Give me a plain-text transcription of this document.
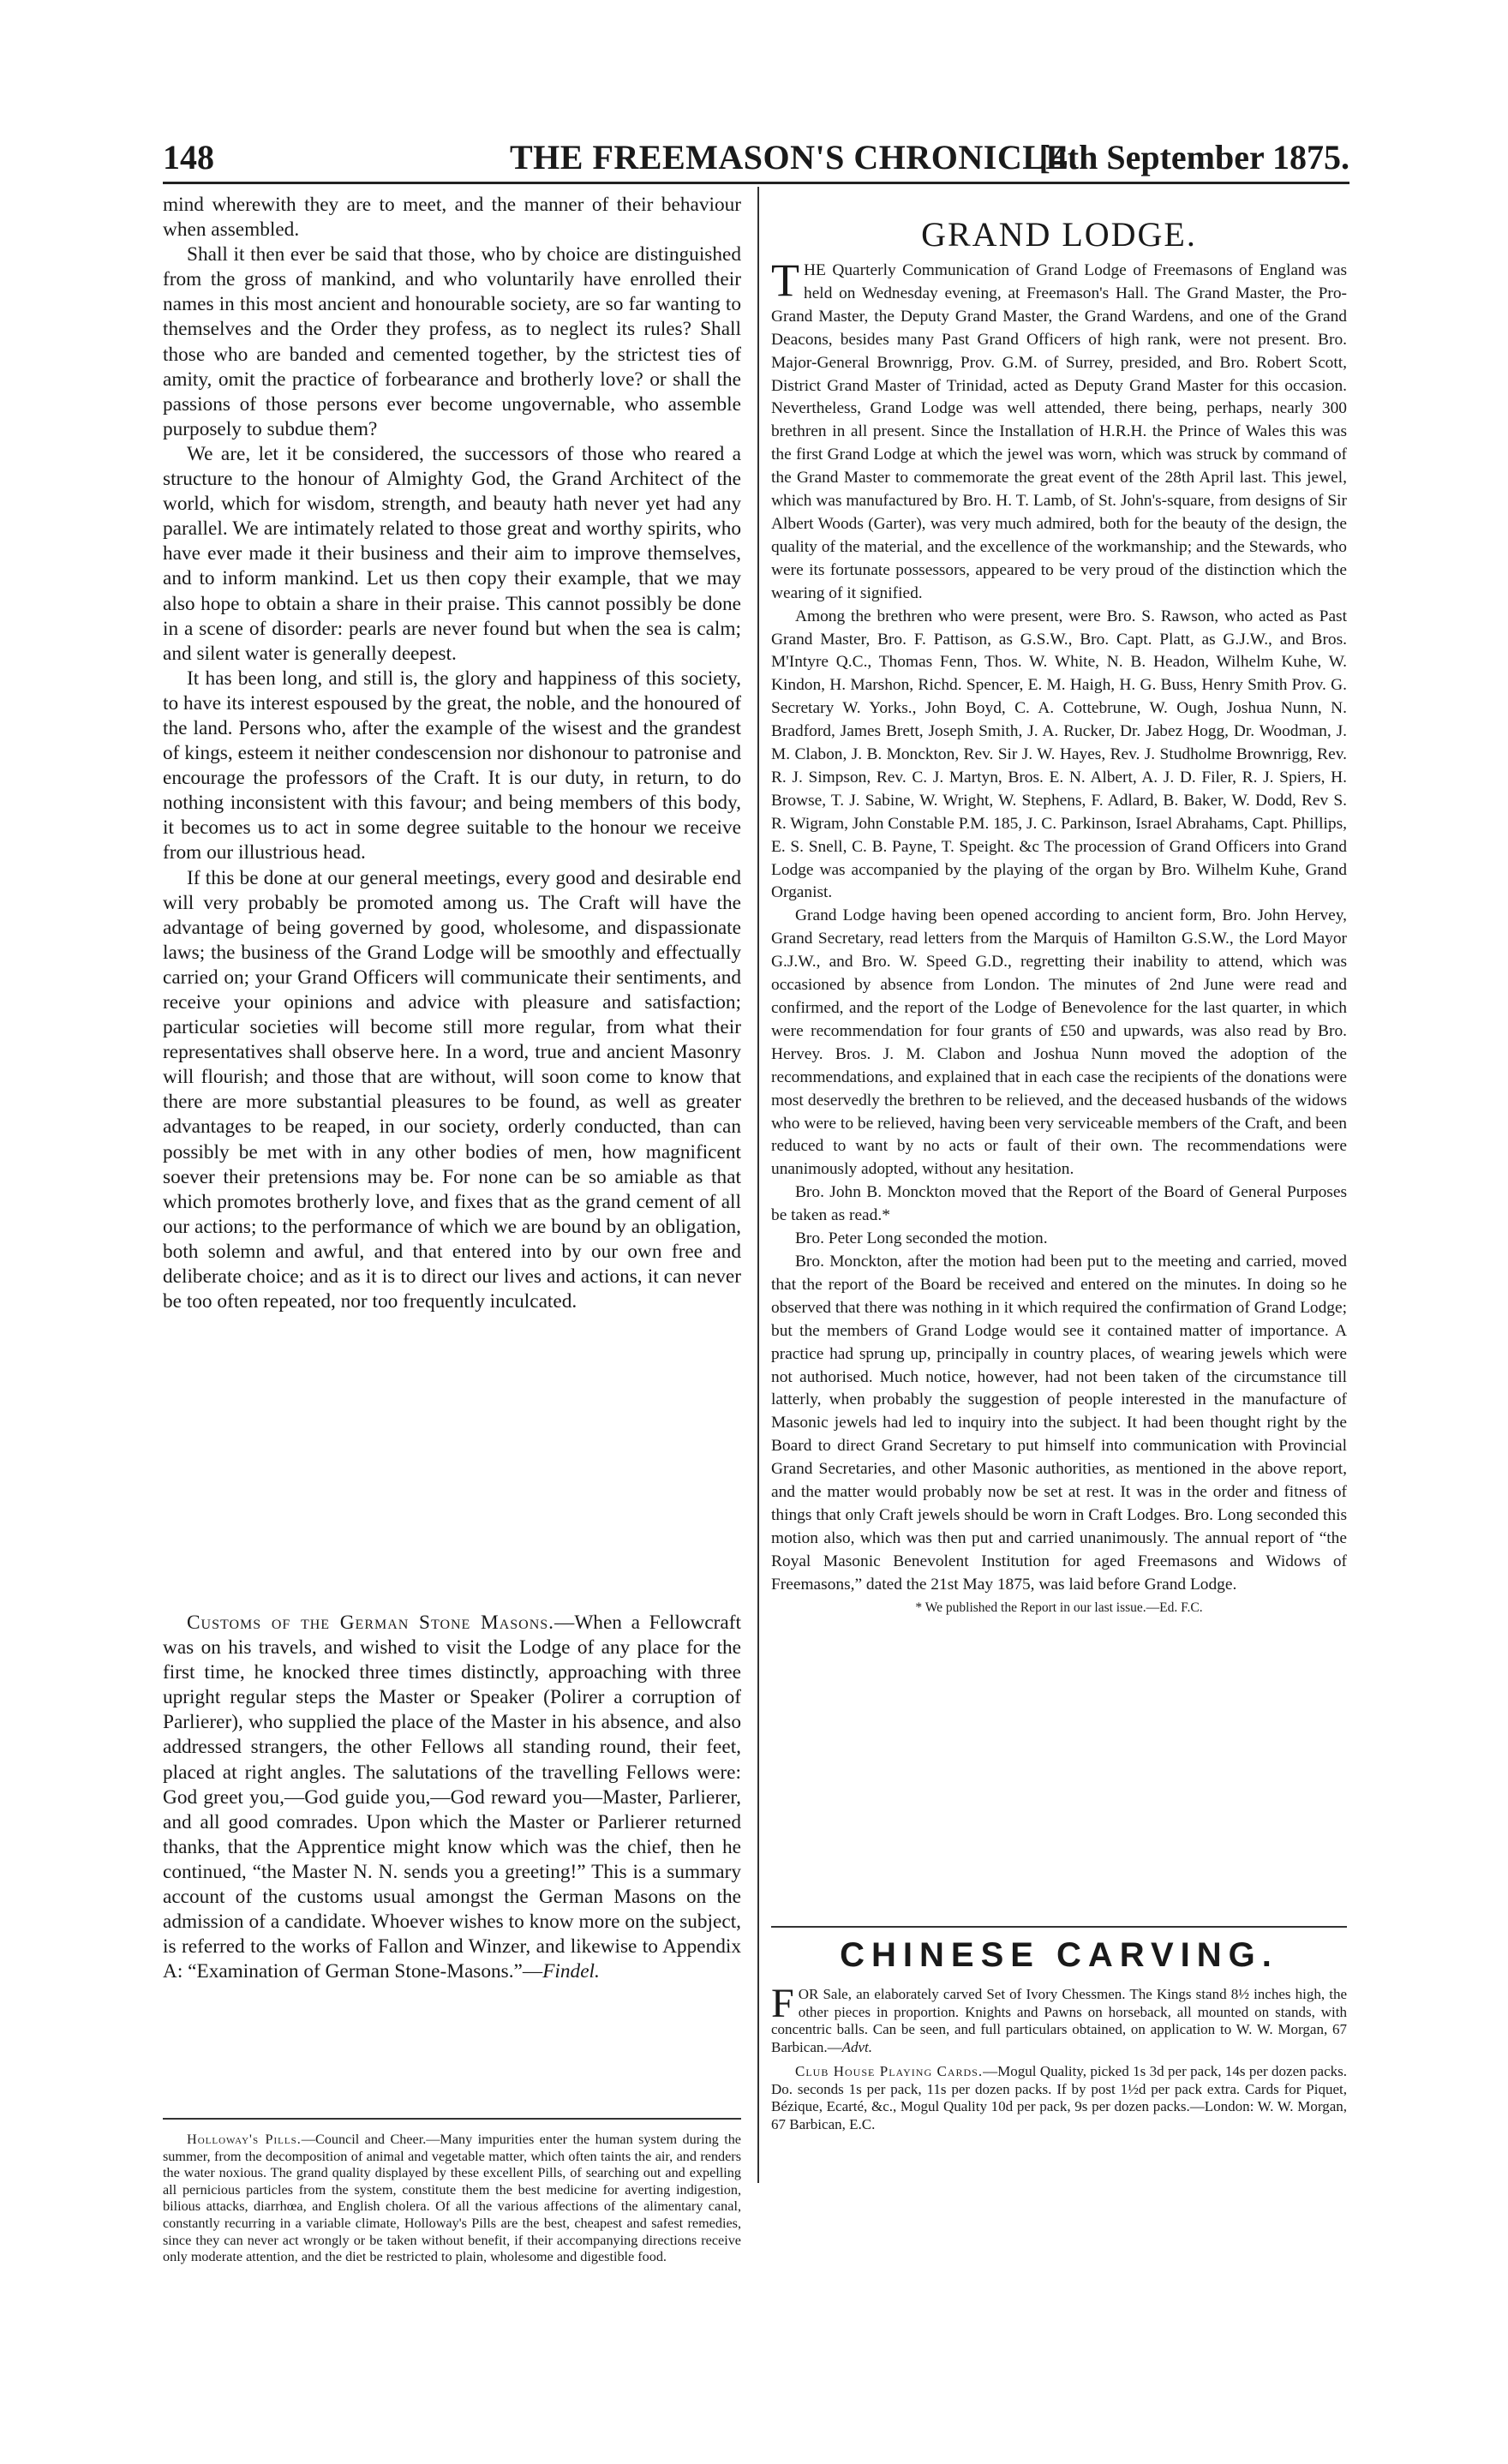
148	THE FREEMASON'S CHRONICLE.
[4th September 1875.

mind wherewith they are to meet, and the manner of their behaviour when assembled.

Shall it then ever be said that those, who by choice are distinguished from the gross of mankind, and who voluntarily have enrolled their names in this most ancient and honourable society, are so far wanting to themselves and the Order they profess, as to neglect its rules? Shall those who are banded and cemented together, by the strictest ties of amity, omit the practice of forbearance and brotherly love? or shall the passions of those persons ever become ungovernable, who assemble purposely to subdue them?

We are, let it be considered, the successors of those who reared a structure to the honour of Almighty God, the Grand Architect of the world, which for wisdom, strength, and beauty hath never yet had any parallel. We are intimately related to those great and worthy spirits, who have ever made it their business and their aim to improve themselves, and to inform mankind. Let us then copy their example, that we may also hope to obtain a share in their praise. This cannot possibly be done in a scene of disorder: pearls are never found but when the sea is calm; and silent water is generally deepest.

It has been long, and still is, the glory and happiness of this society, to have its interest espoused by the great, the noble, and the honoured of the land. Persons who, after the example of the wisest and the grandest of kings, esteem it neither condescension nor dishonour to patronise and encourage the professors of the Craft. It is our duty, in return, to do nothing inconsistent with this favour; and being members of this body, it becomes us to act in some degree suitable to the honour we receive from our illustrious head.

If this be done at our general meetings, every good and desirable end will very probably be promoted among us. The Craft will have the advantage of being governed by good, wholesome, and dispassionate laws; the business of the Grand Lodge will be smoothly and effectually carried on; your Grand Officers will communicate their sentiments, and receive your opinions and advice with pleasure and satisfaction; particular societies will become still more regular, from what their representatives shall observe here. In a word, true and ancient Masonry will flourish; and those that are without, will soon come to know that there are more substantial pleasures to be found, as well as greater advantages to be reaped, in our society, orderly conducted, than can possibly be met with in any other bodies of men, how magnificent soever their pretensions may be. For none can be so amiable as that which promotes brotherly love, and fixes that as the grand cement of all our actions; to the performance of which we are bound by an obligation, both solemn and awful, and that entered into by our own free and deliberate choice; and as it is to direct our lives and actions, it can never be too often repeated, nor too frequently inculcated.

Customs of the German Stone Masons.—When a Fellowcraft was on his travels, and wished to visit the Lodge of any place for the first time, he knocked three times distinctly, approaching with three upright regular steps the Master or Speaker (Polirer a corruption of Parlierer), who supplied the place of the Master in his absence, and also addressed strangers, the other Fellows all standing round, their feet, placed at right angles. The salutations of the travelling Fellows were: God greet you,—God guide you,—God reward you—Master, Parlierer, and all good comrades. Upon which the Master or Parlierer returned thanks, that the Apprentice might know which was the chief, then he continued, “the Master N. N. sends you a greeting!” This is a summary account of the customs usual amongst the German Masons on the admission of a candidate. Whoever wishes to know more on the subject, is referred to the works of Fallon and Winzer, and likewise to Appendix A: “Examination of German Stone-Masons.”—Findel.

Holloway's Pills.—Council and Cheer.—Many impurities enter the human system during the summer, from the decomposition of animal and vegetable matter, which often taints the air, and renders the water noxious. The grand quality displayed by these excellent Pills, of searching out and expelling all pernicious particles from the system, constitute them the best medicine for averting indigestion, bilious attacks, diarrhœa, and English cholera. Of all the various affections of the alimentary canal, constantly recurring in a variable climate, Holloway's Pills are the best, cheapest and safest remedies, since they can never act wrongly or be taken without benefit, if their accompanying directions receive only moderate attention, and the diet be restricted to plain, wholesome and digestible food.

GRAND LODGE.

THE Quarterly Communication of Grand Lodge of Freemasons of England was held on Wednesday evening, at Freemason's Hall. The Grand Master, the Pro-Grand Master, the Deputy Grand Master, the Grand Wardens, and one of the Grand Deacons, besides many Past Grand Officers of high rank, were not present. Bro. Major-General Brownrigg, Prov. G.M. of Surrey, presided, and Bro. Robert Scott, District Grand Master of Trinidad, acted as Deputy Grand Master for this occasion. Nevertheless, Grand Lodge was well attended, there being, perhaps, nearly 300 brethren in all present. Since the Installation of H.R.H. the Prince of Wales this was the first Grand Lodge at which the jewel was worn, which was struck by command of the Grand Master to commemorate the great event of the 28th April last. This jewel, which was manufactured by Bro. H. T. Lamb, of St. John's-square, from designs of Sir Albert Woods (Garter), was very much admired, both for the beauty of the design, the quality of the material, and the excellence of the workmanship; and the Stewards, who were its fortunate possessors, appeared to be very proud of the distinction which the wearing of it signified.

Among the brethren who were present, were Bro. S. Rawson, who acted as Past Grand Master, Bro. F. Pattison, as G.S.W., Bro. Capt. Platt, as G.J.W., and Bros. M'Intyre Q.C., Thomas Fenn, Thos. W. White, N. B. Headon, Wilhelm Kuhe, W. Kindon, H. Marshon, Richd. Spencer, E. M. Haigh, H. G. Buss, Henry Smith Prov. G. Secretary W. Yorks., John Boyd, C. A. Cottebrune, W. Ough, Joshua Nunn, N. Bradford, James Brett, Joseph Smith, J. A. Rucker, Dr. Jabez Hogg, Dr. Woodman, J. M. Clabon, J. B. Monckton, Rev. Sir J. W. Hayes, Rev. J. Studholme Brownrigg, Rev. R. J. Simpson, Rev. C. J. Martyn, Bros. E. N. Albert, A. J. D. Filer, R. J. Spiers, H. Browse, T. J. Sabine, W. Wright, W. Stephens, F. Adlard, B. Baker, W. Dodd, Rev S. R. Wigram, John Constable P.M. 185, J. C. Parkinson, Israel Abrahams, Capt. Phillips, E. S. Snell, C. B. Payne, T. Speight. &c The procession of Grand Officers into Grand Lodge was accompanied by the playing of the organ by Bro. Wilhelm Kuhe, Grand Organist.

Grand Lodge having been opened according to ancient form, Bro. John Hervey, Grand Secretary, read letters from the Marquis of Hamilton G.S.W., the Lord Mayor G.J.W., and Bro. W. Speed G.D., regretting their inability to attend, which was occasioned by absence from London. The minutes of 2nd June were read and confirmed, and the report of the Lodge of Benevolence for the last quarter, in which were recommendation for four grants of £50 and upwards, was also read by Bro. Hervey. Bros. J. M. Clabon and Joshua Nunn moved the adoption of the recommendations, and explained that in each case the recipients of the donations were most deservedly the brethren to be relieved, and the deceased husbands of the widows who were to be relieved, having been very serviceable members of the Craft, and been reduced to want by no acts or fault of their own. The recommendations were unanimously adopted, without any hesitation.

Bro. John B. Monckton moved that the Report of the Board of General Purposes be taken as read.*

Bro. Peter Long seconded the motion.

Bro. Monckton, after the motion had been put to the meeting and carried, moved that the report of the Board be received and entered on the minutes. In doing so he observed that there was nothing in it which required the confirmation of Grand Lodge; but the members of Grand Lodge would see it contained matter of importance. A practice had sprung up, principally in country places, of wearing jewels which were not authorised. Much notice, however, had not been taken of the circumstance till latterly, when probably the suggestion of people interested in the manufacture of Masonic jewels had led to inquiry into the subject. It had been thought right by the Board to direct Grand Secretary to put himself into communication with Provincial Grand Secretaries, and other Masonic authorities, as mentioned in the above report, and the matter would probably now be set at rest. It was in the order and fitness of things that only Craft jewels should be worn in Craft Lodges. Bro. Long seconded this motion also, which was then put and carried unanimously. The annual report of “the Royal Masonic Benevolent Institution for aged Freemasons and Widows of Freemasons,” dated the 21st May 1875, was laid before Grand Lodge.

* We published the Report in our last issue.—Ed. F.C.

CHINESE CARVING.

FOR Sale, an elaborately carved Set of Ivory Chessmen. The Kings stand 8½ inches high, the other pieces in proportion. Knights and Pawns on horseback, all mounted on stands, with concentric balls. Can be seen, and full particulars obtained, on application to W. W. Morgan, 67 Barbican.—Advt.

Club House Playing Cards.—Mogul Quality, picked 1s 3d per pack, 14s per dozen packs. Do. seconds 1s per pack, 11s per dozen packs. If by post 1½d per pack extra. Cards for Piquet, Bézique, Ecarté, &c., Mogul Quality 10d per pack, 9s per dozen packs.—London: W. W. Morgan, 67 Barbican, E.C.
